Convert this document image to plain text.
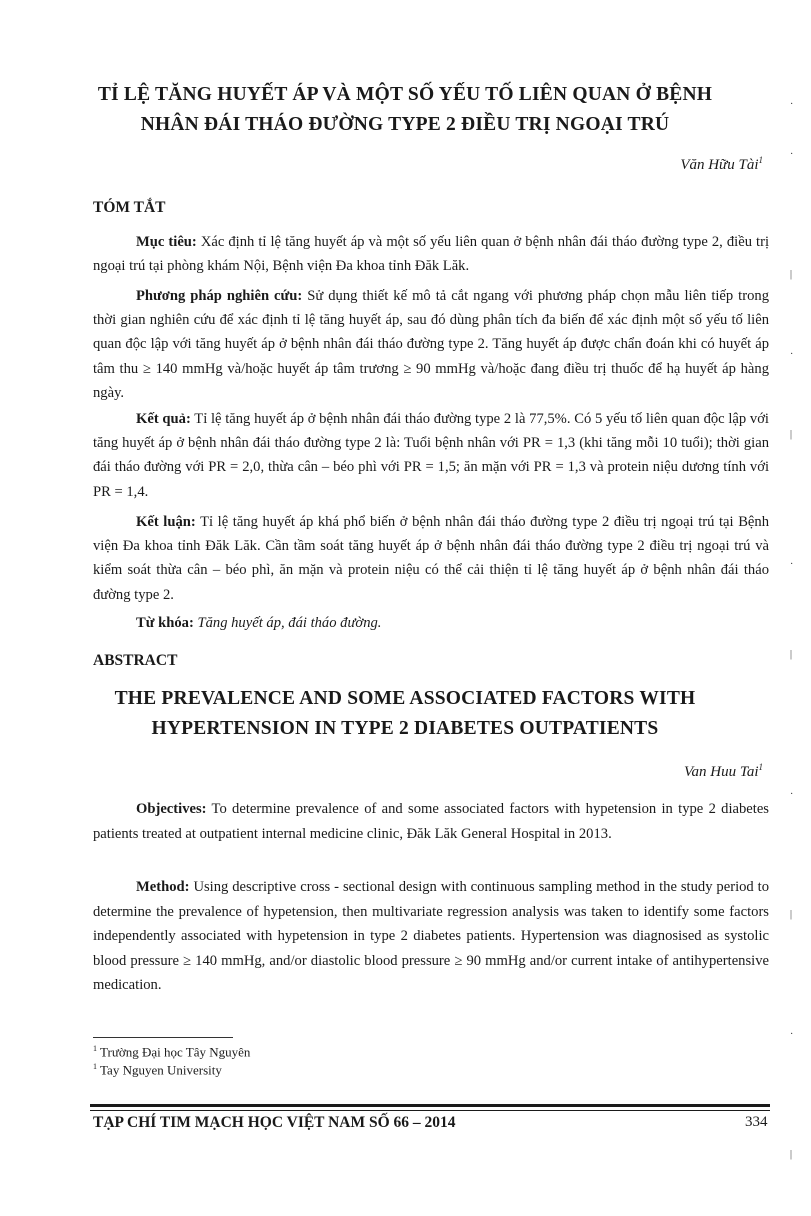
TỈ LỆ TĂNG HUYẾT ÁP VÀ MỘT SỐ YẾU TỐ LIÊN QUAN Ở BỆNH
NHÂN ĐÁI THÁO ĐƯỜNG TYPE 2 ĐIỀU TRỊ NGOẠI TRÚ
Văn Hữu Tài$^1$
TÓM TẮT

Mục tiêu: Xác định tỉ lệ tăng huyết áp và một số yếu liên quan ở bệnh nhân đái tháo đường type 2, điều trị ngoại trú tại phòng khám Nội, Bệnh viện Đa khoa tỉnh Đăk Lăk.

Phương pháp nghiên cứu: Sử dụng thiết kế mô tả cắt ngang với phương pháp chọn mẫu liên tiếp trong thời gian nghiên cứu để xác định tỉ lệ tăng huyết áp, sau đó dùng phân tích đa biến để xác định một số yếu tố liên quan độc lập với tăng huyết áp ở bệnh nhân đái tháo đường type 2. Tăng huyết áp được chẩn đoán khi có huyết áp tâm thu ≥ 140 mmHg và/hoặc huyết áp tâm trương ≥ 90 mmHg và/hoặc đang điều trị thuốc để hạ huyết áp hàng ngày.

Kết quả: Tỉ lệ tăng huyết áp ở bệnh nhân đái tháo đường type 2 là 77,5%. Có 5 yếu tố liên quan độc lập với tăng huyết áp ở bệnh nhân đái tháo đường type 2 là: Tuổi bệnh nhân với PR = 1,3 (khi tăng mỗi 10 tuổi); thời gian đái tháo đường với PR = 2,0, thừa cân – béo phì với PR = 1,5; ăn mặn với PR = 1,3 và protein niệu dương tính với PR = 1,4.

Kết luận: Tỉ lệ tăng huyết áp khá phổ biến ở bệnh nhân đái tháo đường type 2 điều trị ngoại trú tại Bệnh viện Đa khoa tỉnh Đăk Lăk. Cần tầm soát tăng huyết áp ở bệnh nhân đái tháo đường type 2 điều trị ngoại trú và kiểm soát thừa cân – béo phì, ăn mặn và protein niệu có thể cải thiện tỉ lệ tăng huyết áp ở bệnh nhân đái tháo đường type 2.

Từ khóa: Tăng huyết áp, đái tháo đường.

ABSTRACT
THE PREVALENCE AND SOME ASSOCIATED FACTORS WITH
HYPERTENSION IN TYPE 2 DIABETES OUTPATIENTS
Van Huu Tai$^1$

Objectives: To determine prevalence of and some associated factors with hypetension in type 2 diabetes patients treated at outpatient internal medicine clinic, Đăk Lăk General Hospital in 2013.

Method: Using descriptive cross - sectional design with continuous sampling method in the study period to determine the prevalence of hypetension, then multivariate regression analysis was taken to identify some factors independently associated with hypetension in type 2 diabetes patients. Hypertension was diagnosised as systolic blood pressure ≥ 140 mmHg, and/or diastolic blood pressure ≥ 90 mmHg and/or current intake of antihypertensive medication.

$^1$ Trường Đại học Tây Nguyên
$^1$ Tay Nguyen University
TẠP CHÍ TIM MẠCH HỌC VIỆT NAM SỐ 66 – 2014	334
·
·
|
·
|
·
|
·
|
·
|
